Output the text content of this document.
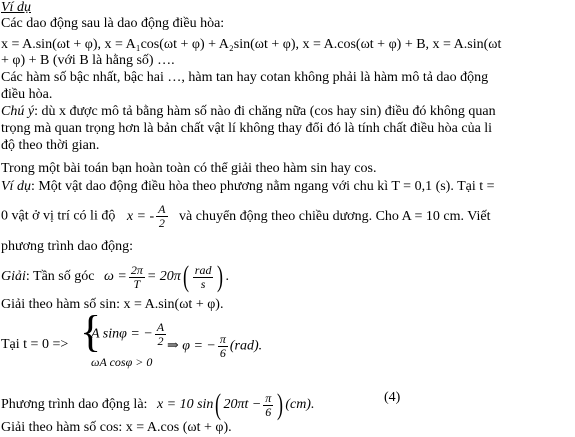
Ví dụ
Các dao động sau là dao động điều hòa:
x = A.sin(ωt + φ), x = A₁cos(ωt + φ) + A₂sin(ωt + φ), x = A.cos(ωt + φ) + B, x = A.sin(ωt
+ φ) + B (với B là hằng số) ….
Các hàm số bậc nhất, bậc hai …, hàm tan hay cotan không phải là hàm mô tả dao động
điều hòa.
Chú ý: dù x được mô tả bằng hàm số nào đi chăng nữa (cos hay sin) điều đó không quan
trọng mà quan trọng hơn là bản chất vật lí không thay đổi đó là tính chất điều hòa của li
độ theo thời gian.
Trong một bài toán bạn hoàn toàn có thể giải theo hàm sin hay cos.
Ví dụ: Một vật dao động điều hòa theo phương nằm ngang với chu kì T = 0,1 (s). Tại t =
0 vật ở vị trí có li độ x = - $\frac{A}{2}$ và chuyển động theo chiều dương. Cho A = 10 cm. Viết
phương trình dao động:
Giải: Tần số góc $\omega = \frac{2\pi}{T} = 20\pi( \frac{\text{rad}}{s}$ ) .
Giải theo hàm số sin: x = A.sin(ωt + φ).
Tại t = 0 => {
A sinφ = − $\frac{A}{2}$
ωA cosφ > 0
⇒ φ = − $\frac{\pi}{6} (rad)$.
Phương trình dao động là: x = 10 sin( $20\pi t - \frac{\pi}{6}$ ) (cm).	(4)
Giải theo hàm số cos: x = A.cos (ωt + φ).
